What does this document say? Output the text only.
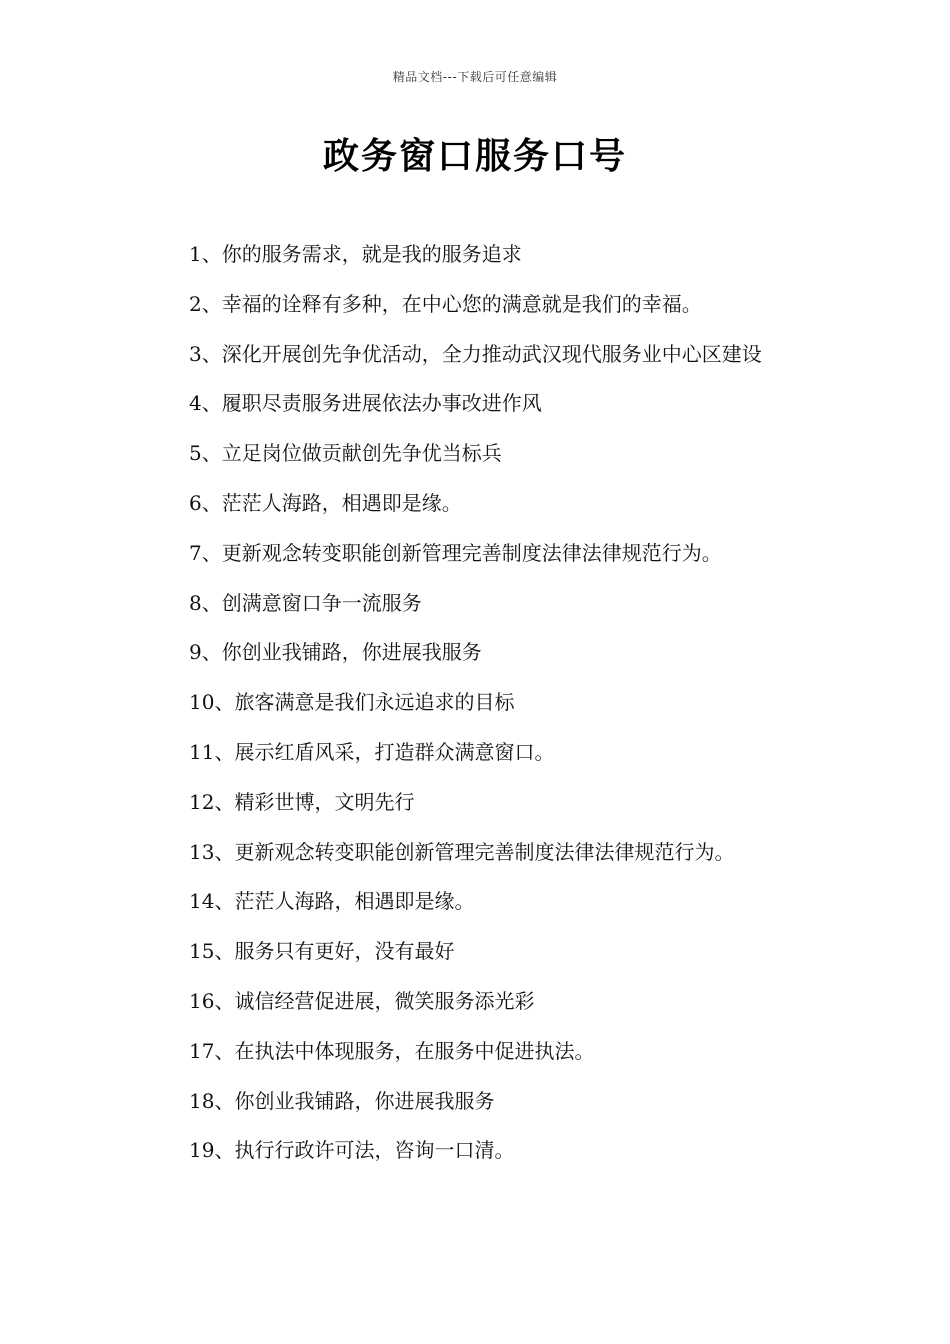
精品文档---下载后可任意编辑
政务窗口服务口号
1、你的服务需求，就是我的服务追求
2、幸福的诠释有多种，在中心您的满意就是我们的幸福。
3、深化开展创先争优活动，全力推动武汉现代服务业中心区建设
4、履职尽责服务进展依法办事改进作风
5、立足岗位做贡献创先争优当标兵
6、茫茫人海路，相遇即是缘。
7、更新观念转变职能创新管理完善制度法律法律规范行为。
8、创满意窗口争一流服务
9、你创业我铺路，你进展我服务
10、旅客满意是我们永远追求的目标
11、展示红盾风采，打造群众满意窗口。
12、精彩世博，文明先行
13、更新观念转变职能创新管理完善制度法律法律规范行为。
14、茫茫人海路，相遇即是缘。
15、服务只有更好，没有最好
16、诚信经营促进展，微笑服务添光彩
17、在执法中体现服务，在服务中促进执法。
18、你创业我铺路，你进展我服务
19、执行行政许可法，咨询一口清。
